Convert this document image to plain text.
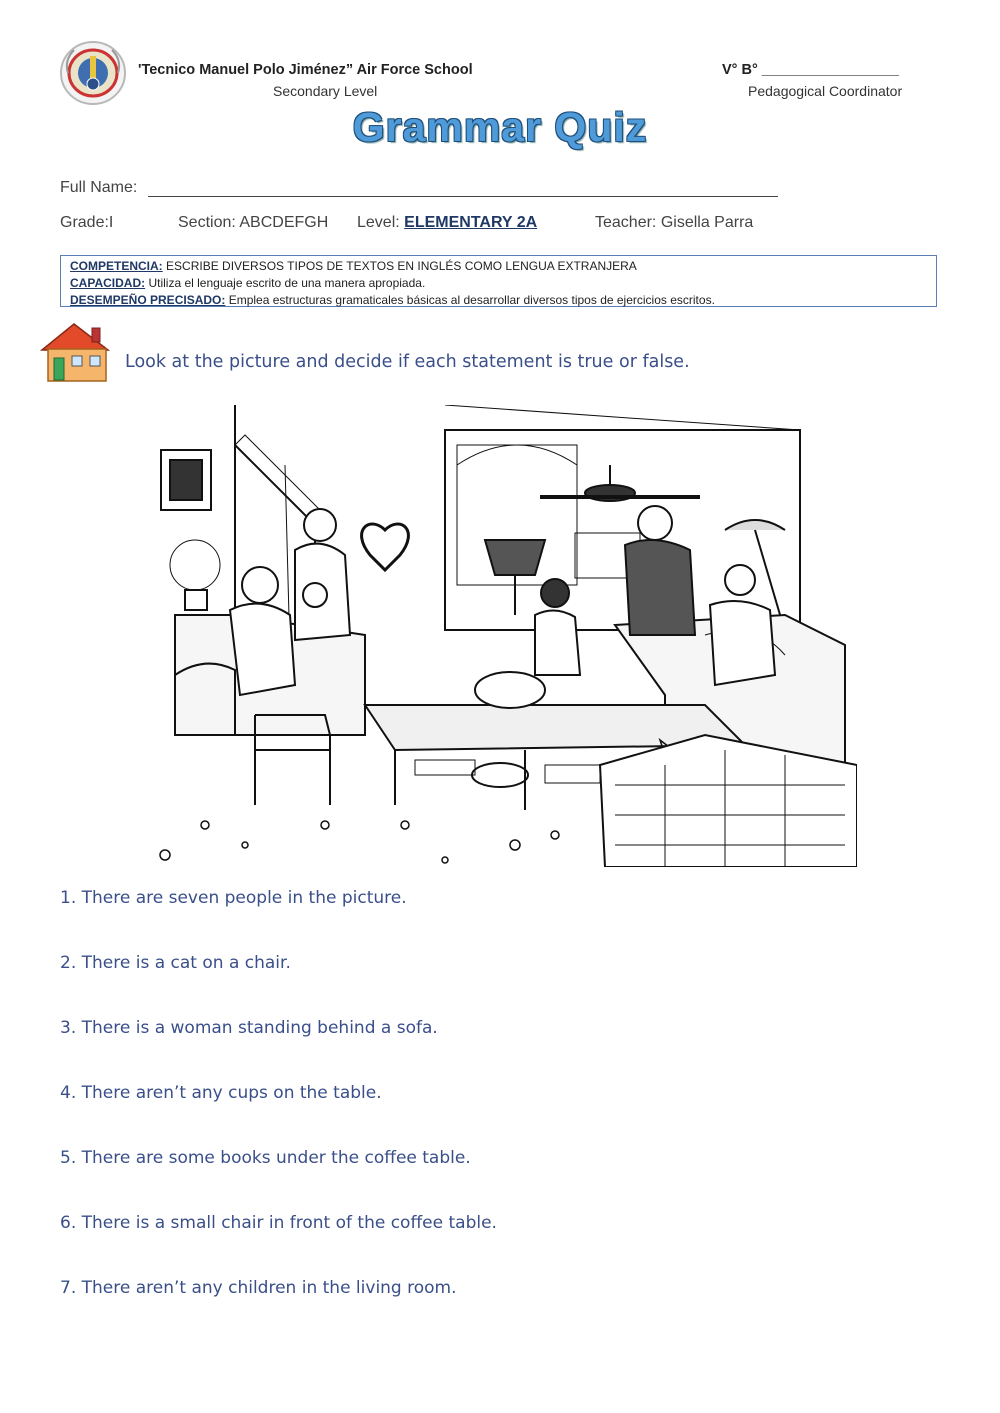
'Tecnico Manuel Polo Jiménez” Air Force School
Secondary Level
V° B° _________________
Pedagogical Coordinator
Grammar Quiz
Full Name:
Grade:I	Section: ABCDEFGH Level: ELEMENTARY 2A	Teacher: Gisella Parra
COMPETENCIA: ESCRIBE DIVERSOS TIPOS DE TEXTOS EN INGLÉS COMO LENGUA EXTRANJERA
CAPACIDAD: Utiliza el lenguaje escrito de una manera apropiada.
DESEMPEÑO PRECISADO: Emplea estructuras gramaticales básicas al desarrollar diversos tipos de ejercicios escritos.
Look at the picture and decide if each statement is true or false.
1. There are seven people in the picture.
2. There is a cat on a chair.
3. There is a woman standing behind a sofa.
4. There aren’t any cups on the table.
5. There are some books under the coffee table.
6. There is a small chair in front of the coffee table.
7. There aren’t any children in the living room.
